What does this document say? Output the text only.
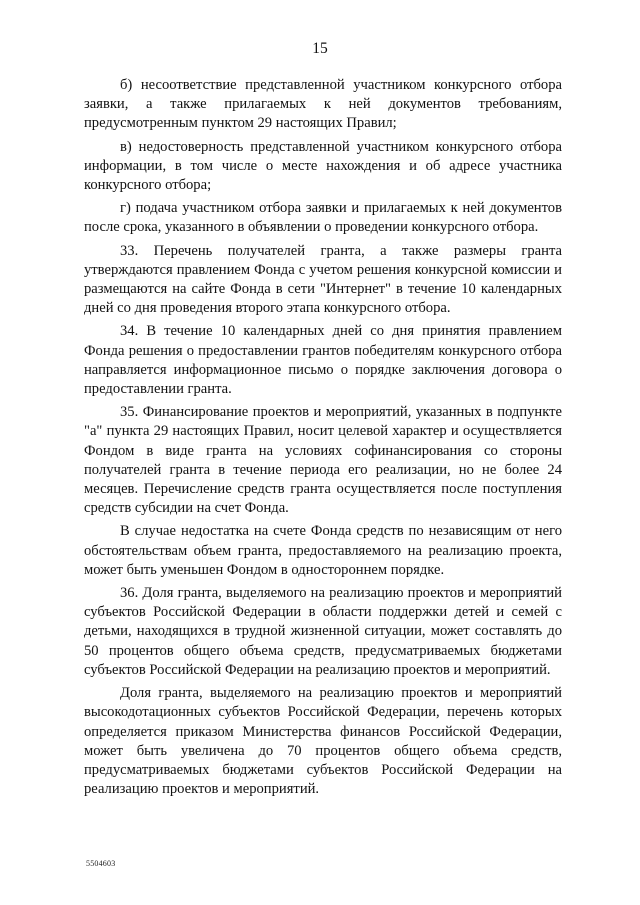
15

б) несоответствие представленной участником конкурсного отбора заявки, а также прилагаемых к ней документов требованиям, предусмотренным пунктом 29 настоящих Правил;

в) недостоверность представленной участником конкурсного отбора информации, в том числе о месте нахождения и об адресе участника конкурсного отбора;

г) подача участником отбора заявки и прилагаемых к ней документов после срока, указанного в объявлении о проведении конкурсного отбора.

33. Перечень получателей гранта, а также размеры гранта утверждаются правлением Фонда с учетом решения конкурсной комиссии и размещаются на сайте Фонда в сети "Интернет" в течение 10 календарных дней со дня проведения второго этапа конкурсного отбора.

34. В течение 10 календарных дней со дня принятия правлением Фонда решения о предоставлении грантов победителям конкурсного отбора направляется информационное письмо о порядке заключения договора о предоставлении гранта.

35. Финансирование проектов и мероприятий, указанных в подпункте "а" пункта 29 настоящих Правил, носит целевой характер и осуществляется Фондом в виде гранта на условиях софинансирования со стороны получателей гранта в течение периода его реализации, но не более 24 месяцев. Перечисление средств гранта осуществляется после поступления средств субсидии на счет Фонда.

В случае недостатка на счете Фонда средств по независящим от него обстоятельствам объем гранта, предоставляемого на реализацию проекта, может быть уменьшен Фондом в одностороннем порядке.

36. Доля гранта, выделяемого на реализацию проектов и мероприятий субъектов Российской Федерации в области поддержки детей и семей с детьми, находящихся в трудной жизненной ситуации, может составлять до 50 процентов общего объема средств, предусматриваемых бюджетами субъектов Российской Федерации на реализацию проектов и мероприятий.

Доля гранта, выделяемого на реализацию проектов и мероприятий высокодотационных субъектов Российской Федерации, перечень которых определяется приказом Министерства финансов Российской Федерации, может быть увеличена до 70 процентов общего объема средств, предусматриваемых бюджетами субъектов Российской Федерации на реализацию проектов и мероприятий.

5504603
